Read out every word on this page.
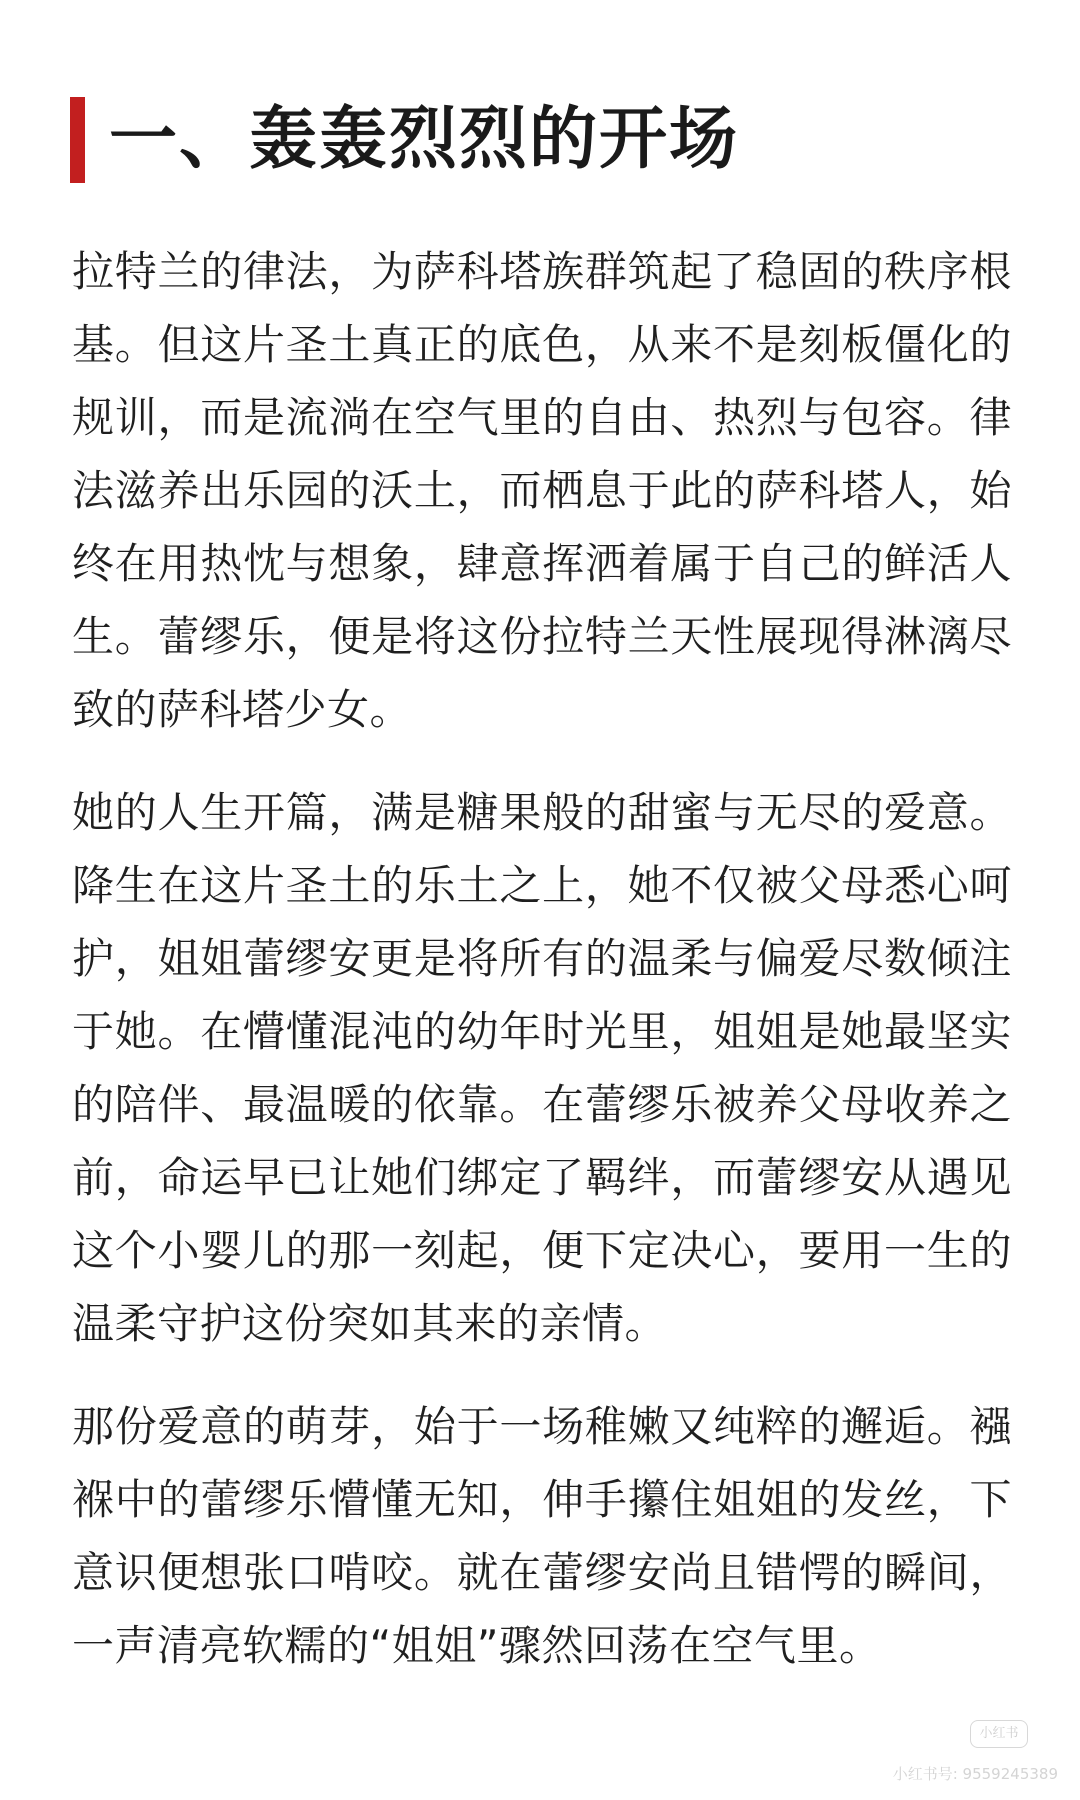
一、轰轰烈烈的开场

拉特兰的律法，为萨科塔族群筑起了稳固的秩序根基。但这片圣土真正的底色，从来不是刻板僵化的规训，而是流淌在空气里的自由、热烈与包容。律法滋养出乐园的沃土，而栖息于此的萨科塔人，始终在用热忱与想象，肆意挥洒着属于自己的鲜活人生。蕾缪乐，便是将这份拉特兰天性展现得淋漓尽致的萨科塔少女。

她的人生开篇，满是糖果般的甜蜜与无尽的爱意。降生在这片圣土的乐土之上，她不仅被父母悉心呵护，姐姐蕾缪安更是将所有的温柔与偏爱尽数倾注于她。在懵懂混沌的幼年时光里，姐姐是她最坚实的陪伴、最温暖的依靠。在蕾缪乐被养父母收养之前，命运早已让她们绑定了羁绊，而蕾缪安从遇见这个小婴儿的那一刻起，便下定决心，要用一生的温柔守护这份突如其来的亲情。

那份爱意的萌芽，始于一场稚嫩又纯粹的邂逅。襁褓中的蕾缪乐懵懂无知，伸手攥住姐姐的发丝，下意识便想张口啃咬。就在蕾缪安尚且错愕的瞬间，一声清亮软糯的“姐姐”骤然回荡在空气里。

小红书
小红书号: 9559245389
